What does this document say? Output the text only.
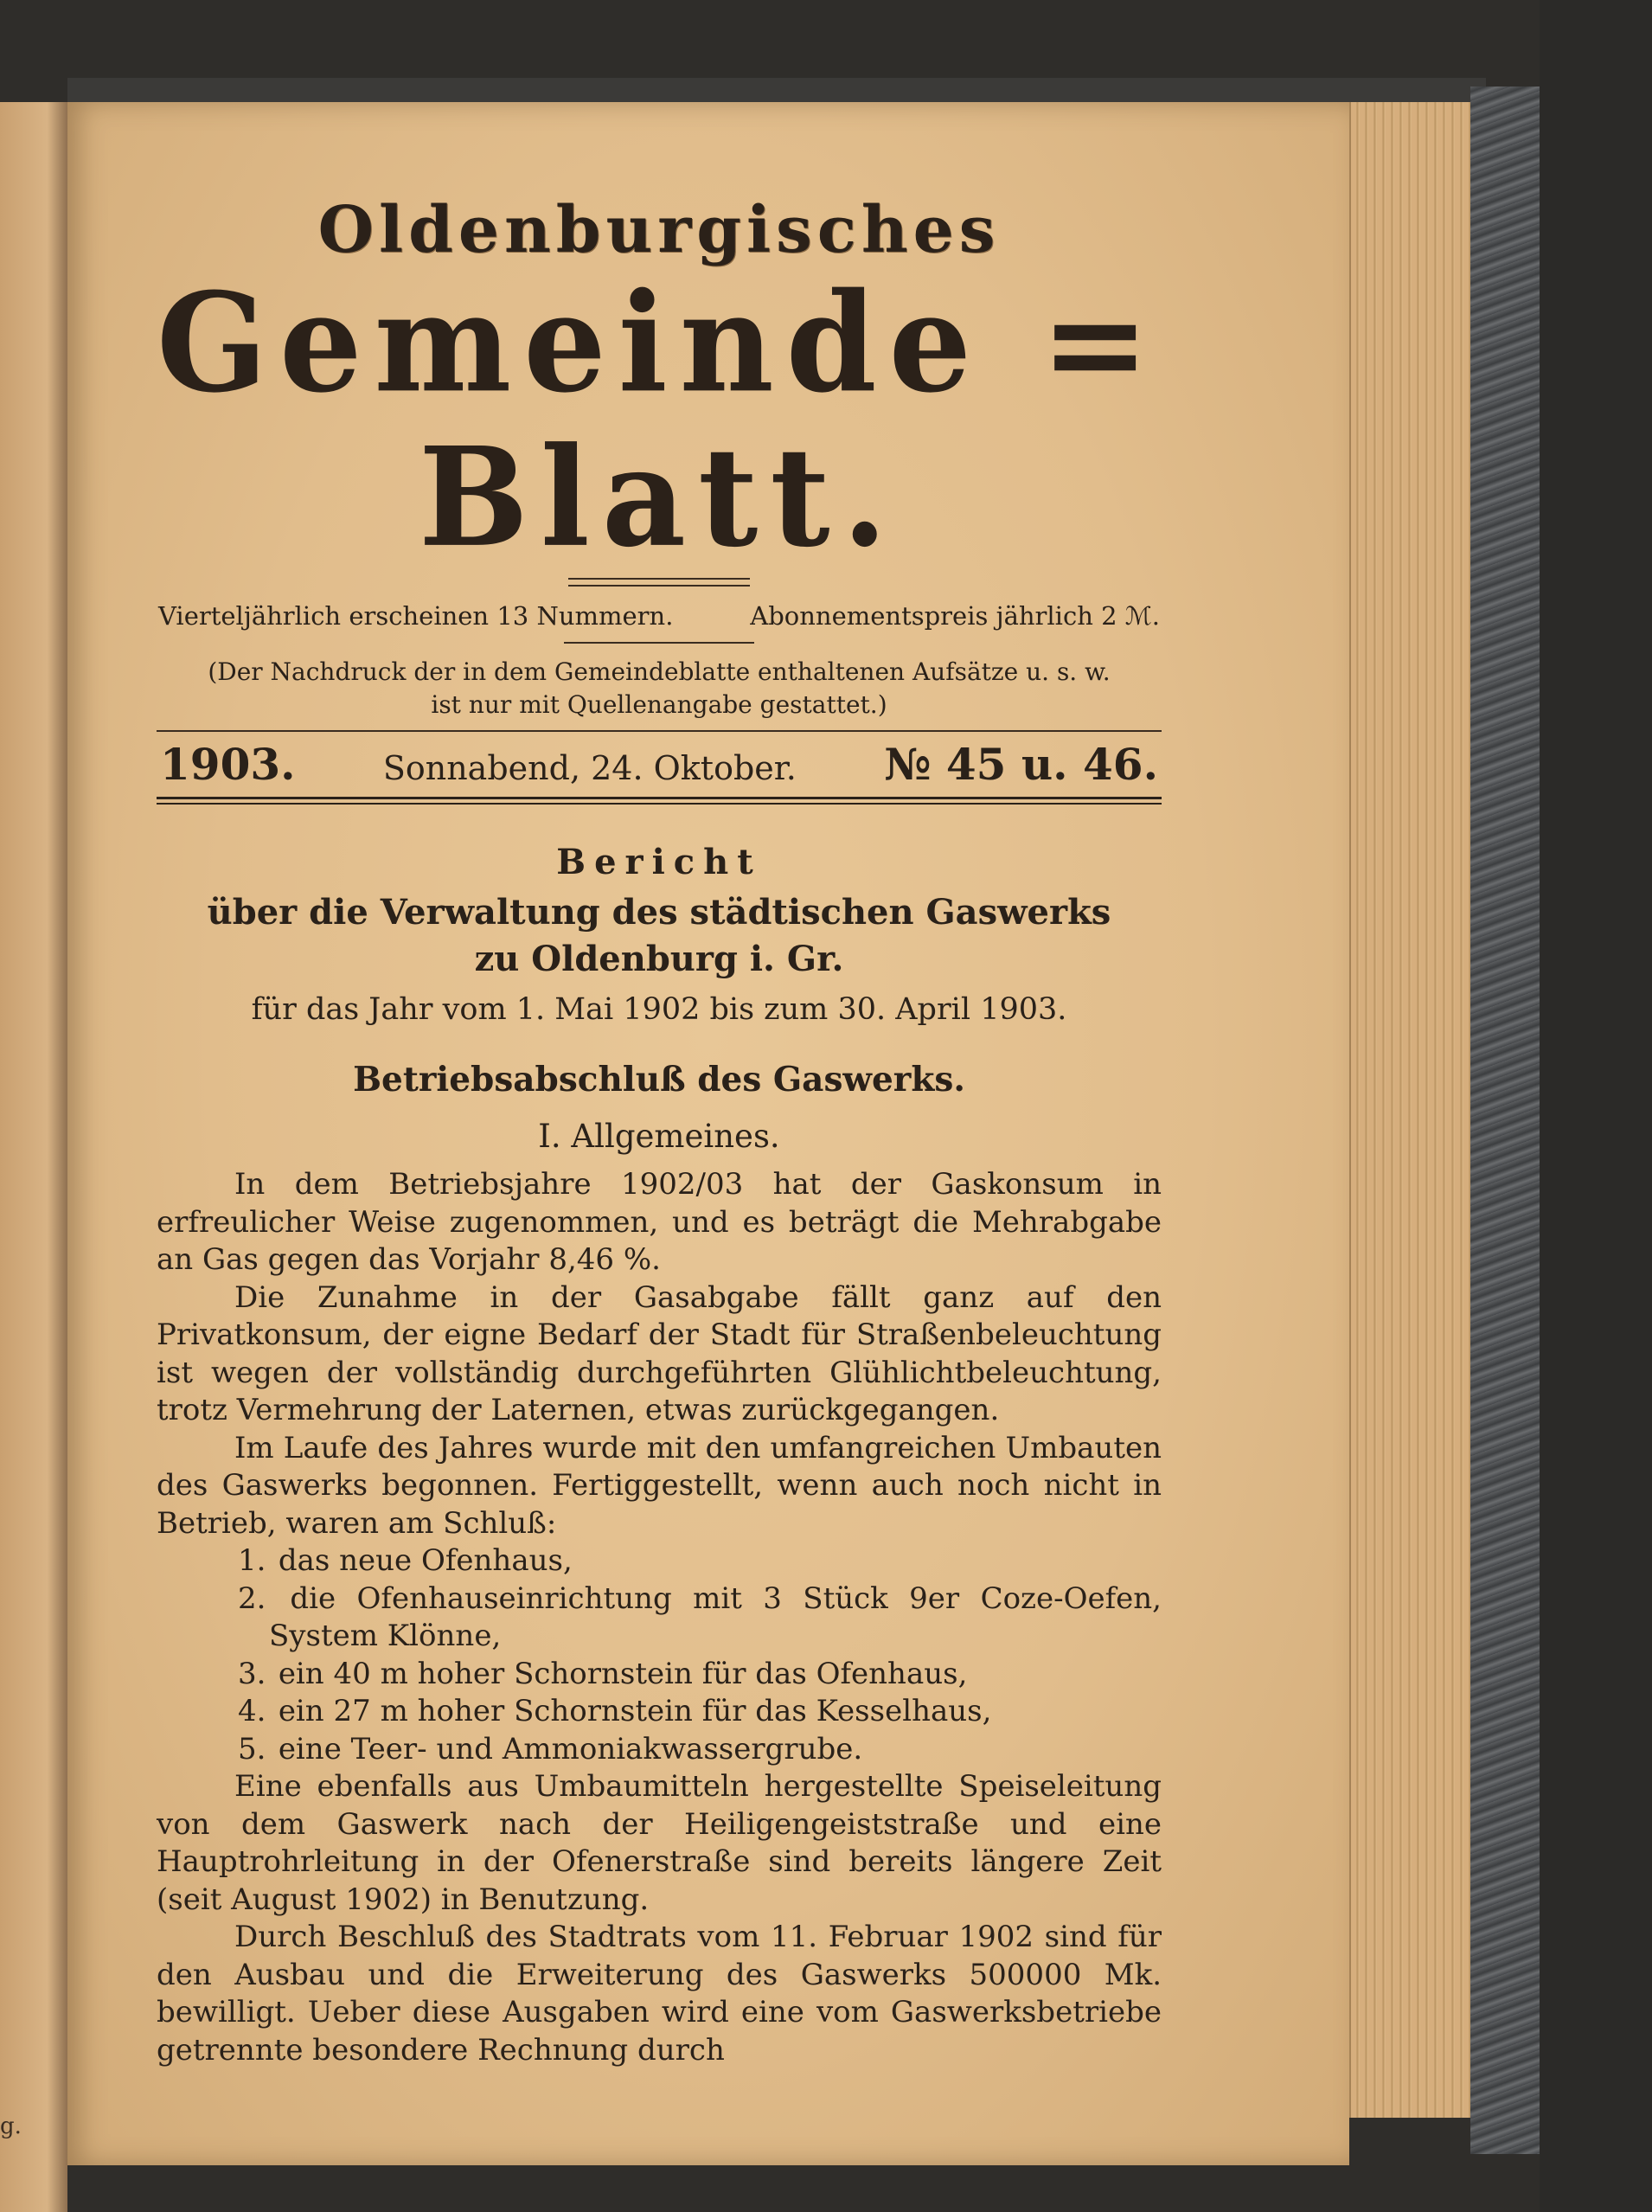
g.
Oldenburgisches
Gemeinde = Blatt.
Vierteljährlich erscheinen 13 Nummern.	Abonnementspreis jährlich 2 ℳ.
(Der Nachdruck der in dem Gemeindeblatte enthaltenen Aufsätze u. s. w.
ist nur mit Quellenangabe gestattet.)
1903.	Sonnabend, 24. Oktober. № 45 u. 46.
Bericht
über die Verwaltung des städtischen Gaswerks
zu Oldenburg i. Gr.
für das Jahr vom 1. Mai 1902 bis zum 30. April 1903.
Betriebsabschluß des Gaswerks.
I. Allgemeines.

In dem Betriebsjahre 1902/03 hat der Gaskonsum in erfreulicher Weise zugenommen, und es beträgt die Mehrabgabe an Gas gegen das Vorjahr 8,46 %.

Die Zunahme in der Gasabgabe fällt ganz auf den Privatkonsum, der eigne Bedarf der Stadt für Straßenbeleuchtung ist wegen der vollständig durchgeführten Glühlichtbeleuchtung, trotz Vermehrung der Laternen, etwas zurückgegangen.

Im Laufe des Jahres wurde mit den umfangreichen Umbauten des Gaswerks begonnen. Fertiggestellt, wenn auch noch nicht in Betrieb, waren am Schluß:

1. das neue Ofenhaus,

2. die Ofenhauseinrichtung mit 3 Stück 9er Coze-Oefen, System Klönne,

3. ein 40 m hoher Schornstein für das Ofenhaus,

4. ein 27 m hoher Schornstein für das Kesselhaus,

5. eine Teer- und Ammoniakwassergrube.

Eine ebenfalls aus Umbaumitteln hergestellte Speiseleitung von dem Gaswerk nach der Heiligengeiststraße und eine Hauptrohrleitung in der Ofenerstraße sind bereits längere Zeit (seit August 1902) in Benutzung.

Durch Beschluß des Stadtrats vom 11. Februar 1902 sind für den Ausbau und die Erweiterung des Gaswerks 500000 Mk. bewilligt. Ueber diese Ausgaben wird eine vom Gaswerksbetriebe getrennte besondere Rechnung durch
